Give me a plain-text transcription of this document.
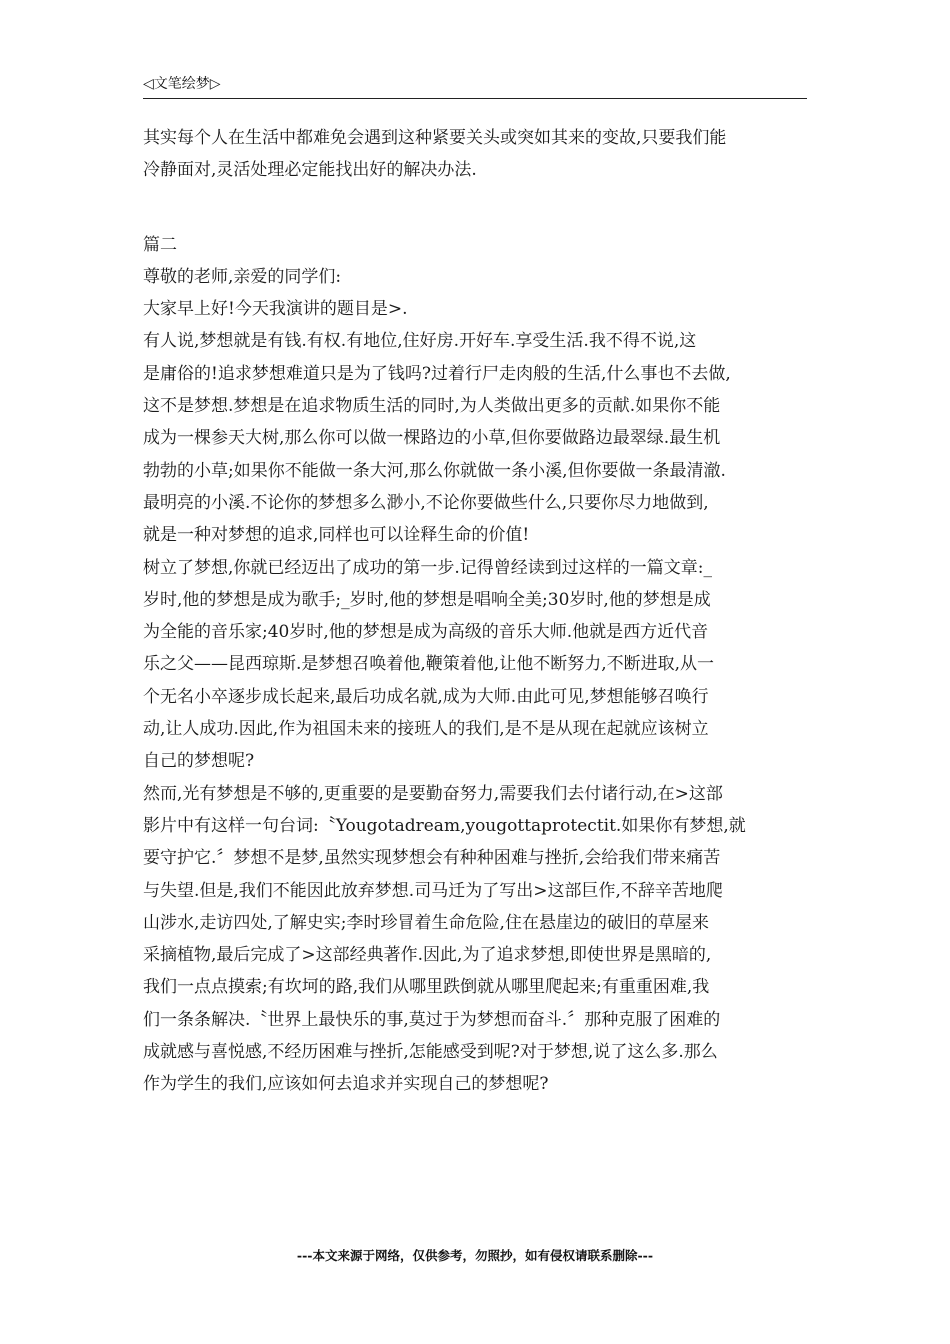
◁文笔绘梦▷
其实每个人在生活中都难免会遇到这种紧要关头或突如其来的变故,只要我们能
冷静面对,灵活处理必定能找出好的解决办法.
篇二
尊敬的老师,亲爱的同学们:
大家早上好!今天我演讲的题目是>.
有人说,梦想就是有钱.有权.有地位,住好房.开好车.享受生活.我不得不说,这
是庸俗的!追求梦想难道只是为了钱吗?过着行尸走肉般的生活,什么事也不去做,
这不是梦想.梦想是在追求物质生活的同时,为人类做出更多的贡献.如果你不能
成为一棵参天大树,那么你可以做一棵路边的小草,但你要做路边最翠绿.最生机
勃勃的小草;如果你不能做一条大河,那么你就做一条小溪,但你要做一条最清澈.
最明亮的小溪.不论你的梦想多么渺小,不论你要做些什么,只要你尽力地做到,
就是一种对梦想的追求,同样也可以诠释生命的价值!
树立了梦想,你就已经迈出了成功的第一步.记得曾经读到过这样的一篇文章:_
岁时,他的梦想是成为歌手;_岁时,他的梦想是唱响全美;30岁时,他的梦想是成
为全能的音乐家;40岁时,他的梦想是成为高级的音乐大师.他就是西方近代音
乐之父——昆西琼斯.是梦想召唤着他,鞭策着他,让他不断努力,不断进取,从一
个无名小卒逐步成长起来,最后功成名就,成为大师.由此可见,梦想能够召唤行
动,让人成功.因此,作为祖国未来的接班人的我们,是不是从现在起就应该树立
自己的梦想呢?
然而,光有梦想是不够的,更重要的是要勤奋努力,需要我们去付诸行动,在>这部
影片中有这样一句台词:〝Yougotadream,yougottaprotectit.如果你有梦想,就
要守护它.〞梦想不是梦,虽然实现梦想会有种种困难与挫折,会给我们带来痛苦
与失望.但是,我们不能因此放弃梦想.司马迁为了写出>这部巨作,不辞辛苦地爬
山涉水,走访四处,了解史实;李时珍冒着生命危险,住在悬崖边的破旧的草屋来
采摘植物,最后完成了>这部经典著作.因此,为了追求梦想,即使世界是黑暗的,
我们一点点摸索;有坎坷的路,我们从哪里跌倒就从哪里爬起来;有重重困难,我
们一条条解决.〝世界上最快乐的事,莫过于为梦想而奋斗.〞那种克服了困难的
成就感与喜悦感,不经历困难与挫折,怎能感受到呢?对于梦想,说了这么多.那么
作为学生的我们,应该如何去追求并实现自己的梦想呢?
---本文来源于网络，仅供参考，勿照抄，如有侵权请联系删除---
